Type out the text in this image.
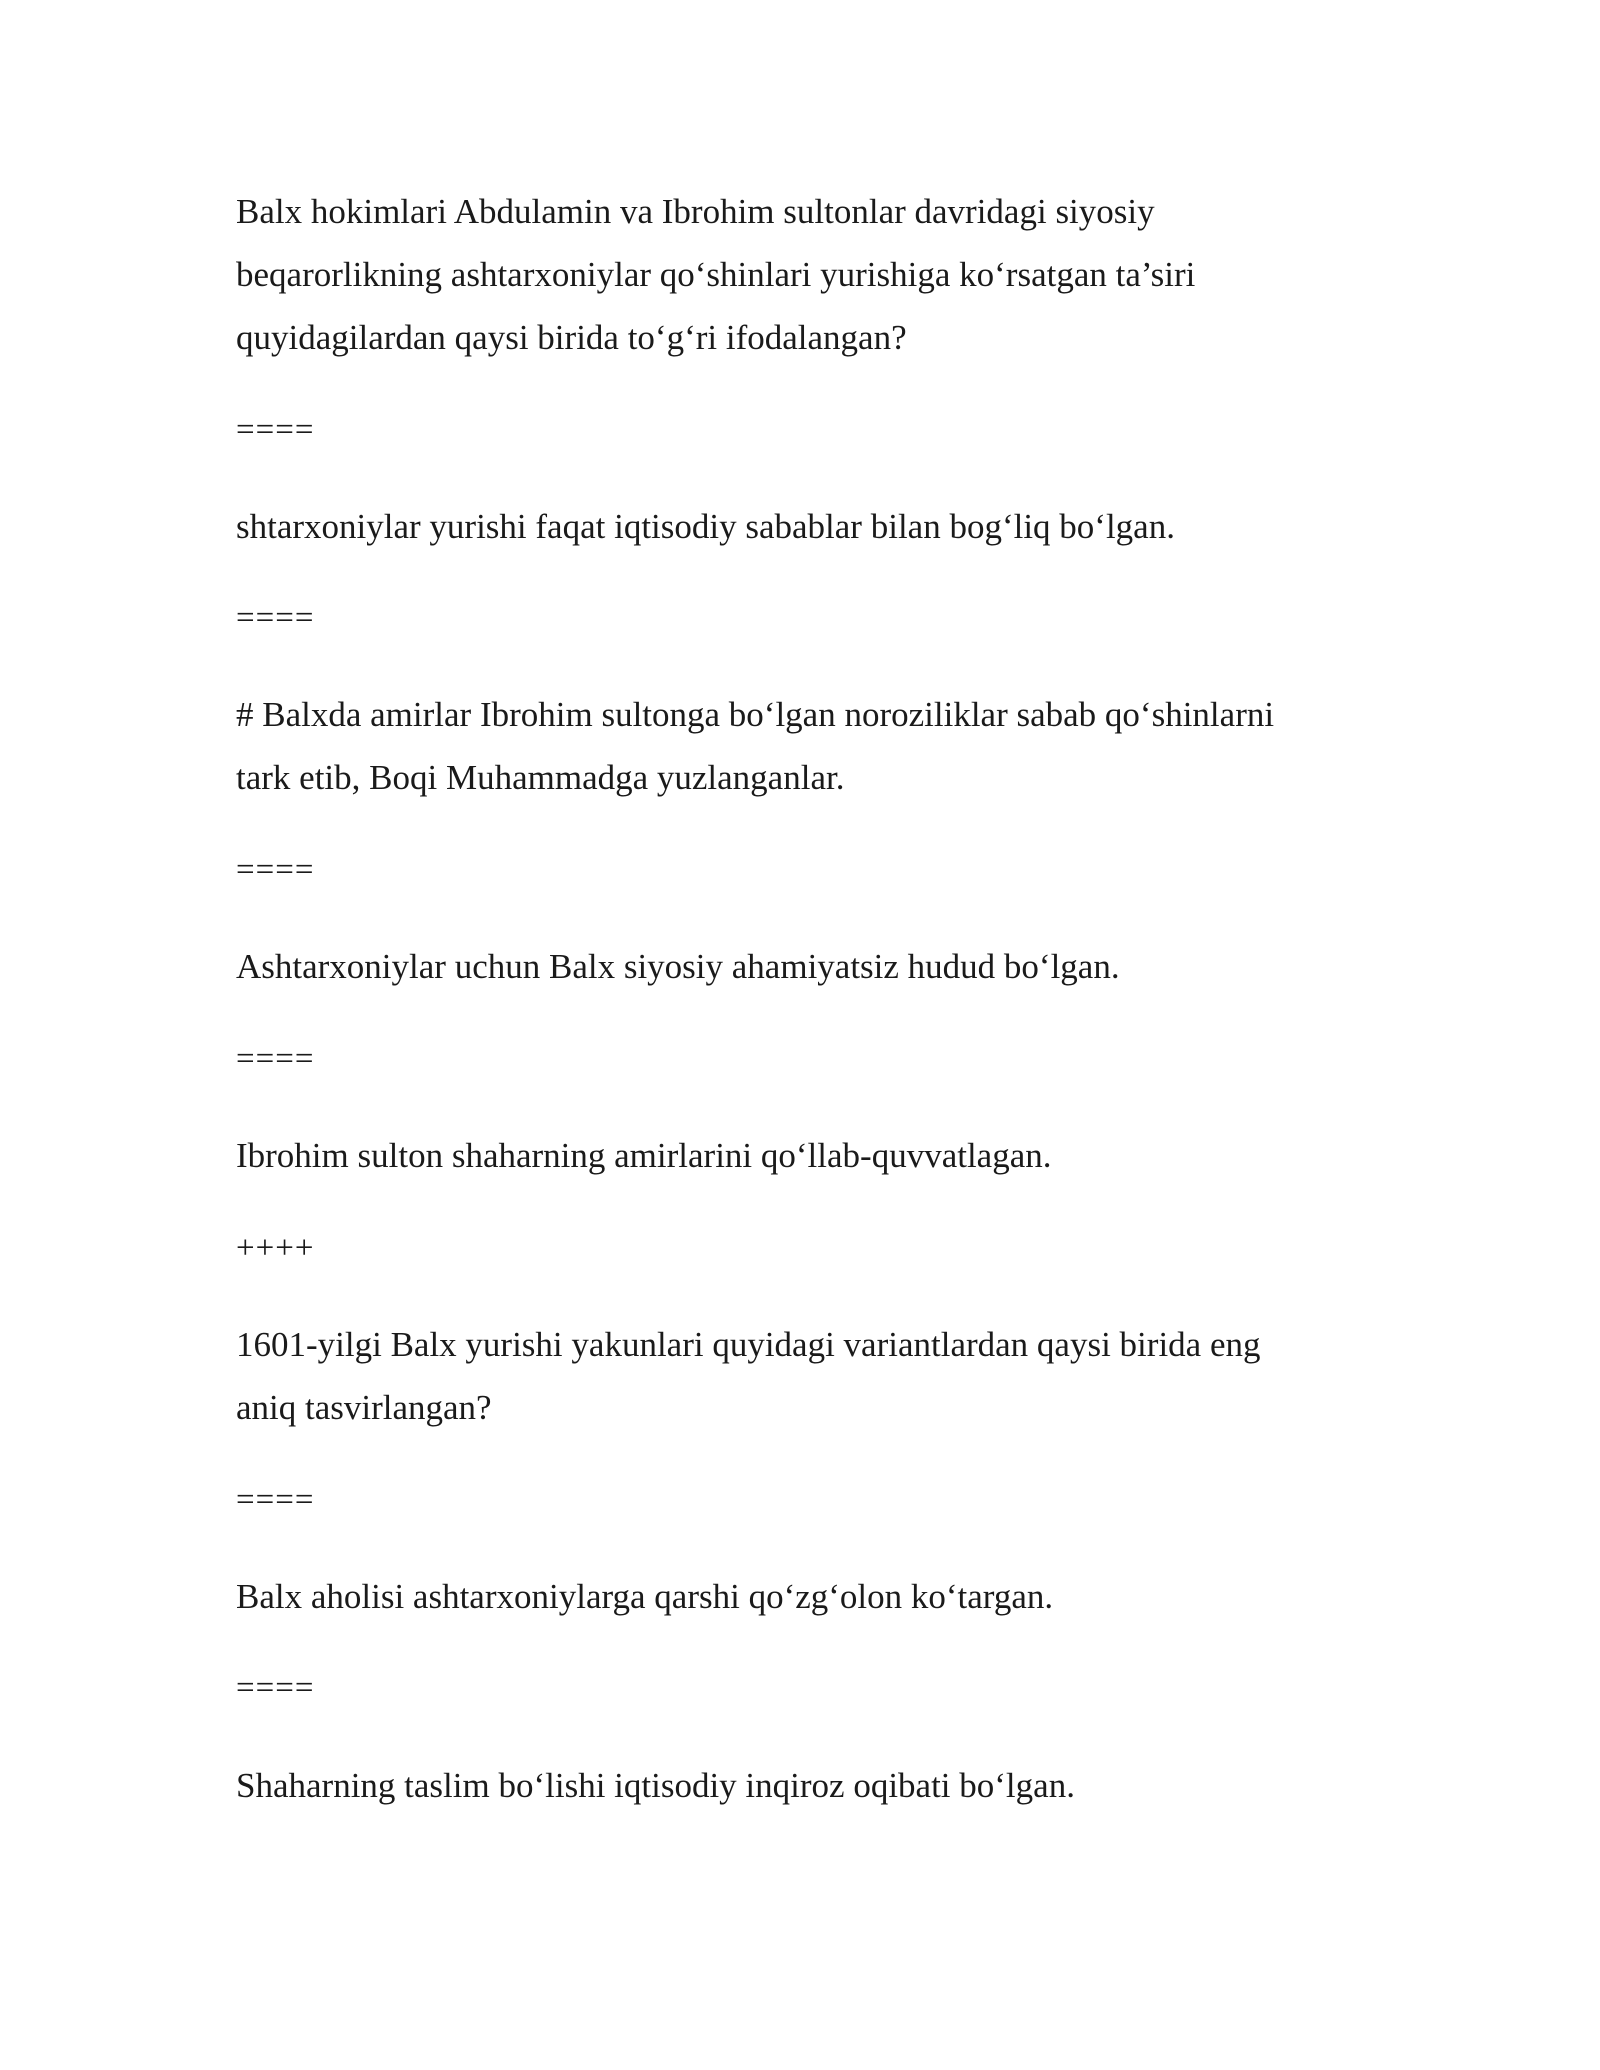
Balx hokimlari Abdulamin va Ibrohim sultonlar davridagi siyosiy
beqarorlikning ashtarxoniylar qo‘shinlari yurishiga ko‘rsatgan ta’siri
quyidagilardan qaysi birida to‘g‘ri ifodalangan?
====
shtarxoniylar yurishi faqat iqtisodiy sabablar bilan bog‘liq bo‘lgan.
====
# Balxda amirlar Ibrohim sultonga bo‘lgan noroziliklar sabab qo‘shinlarni
tark etib, Boqi Muhammadga yuzlanganlar.
====
Ashtarxoniylar uchun Balx siyosiy ahamiyatsiz hudud bo‘lgan.
====
Ibrohim sulton shaharning amirlarini qo‘llab-quvvatlagan.
++++
1601-yilgi Balx yurishi yakunlari quyidagi variantlardan qaysi birida eng
aniq tasvirlangan?
====
Balx aholisi ashtarxoniylarga qarshi qo‘zg‘olon ko‘targan.
====
Shaharning taslim bo‘lishi iqtisodiy inqiroz oqibati bo‘lgan.
